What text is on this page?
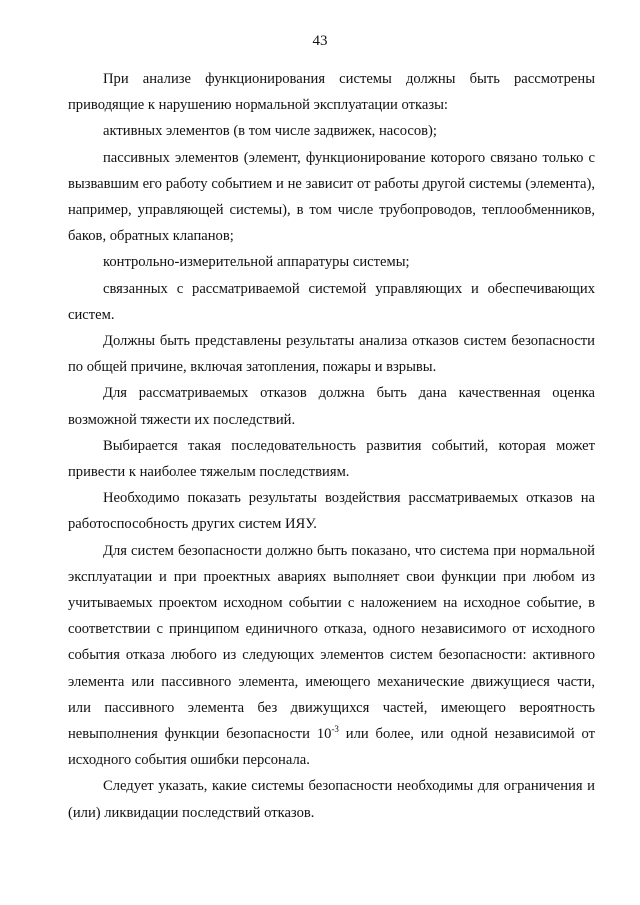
43

При анализе функционирования системы должны быть рассмотрены приводящие к нарушению нормальной эксплуатации отказы:

активных элементов (в том числе задвижек, насосов);

пассивных элементов (элемент, функционирование которого связано только с вызвавшим его работу событием и не зависит от работы другой системы (элемента), например, управляющей системы), в том числе трубопроводов, теплообменников, баков, обратных клапанов;

контрольно-измерительной аппаратуры системы;

связанных с рассматриваемой системой управляющих и обеспечивающих систем.

Должны быть представлены результаты анализа отказов систем безопасности по общей причине, включая затопления, пожары и взрывы.

Для рассматриваемых отказов должна быть дана качественная оценка возможной тяжести их последствий.

Выбирается такая последовательность развития событий, которая может привести к наиболее тяжелым последствиям.

Необходимо показать результаты воздействия рассматриваемых отказов на работоспособность других систем ИЯУ.

Для систем безопасности должно быть показано, что система при нормальной эксплуатации и при проектных авариях выполняет свои функции при любом из учитываемых проектом исходном событии с наложением на исходное событие, в соответствии с принципом единичного отказа, одного независимого от исходного события отказа любого из следующих элементов систем безопасности: активного элемента или пассивного элемента, имеющего механические движущиеся части, или пассивного элемента без движущихся частей, имеющего вероятность невыполнения функции безопасности $10^{-3}$ или более, или одной независимой от исходного события ошибки персонала.

Следует указать, какие системы безопасности необходимы для ограничения и (или) ликвидации последствий отказов.
